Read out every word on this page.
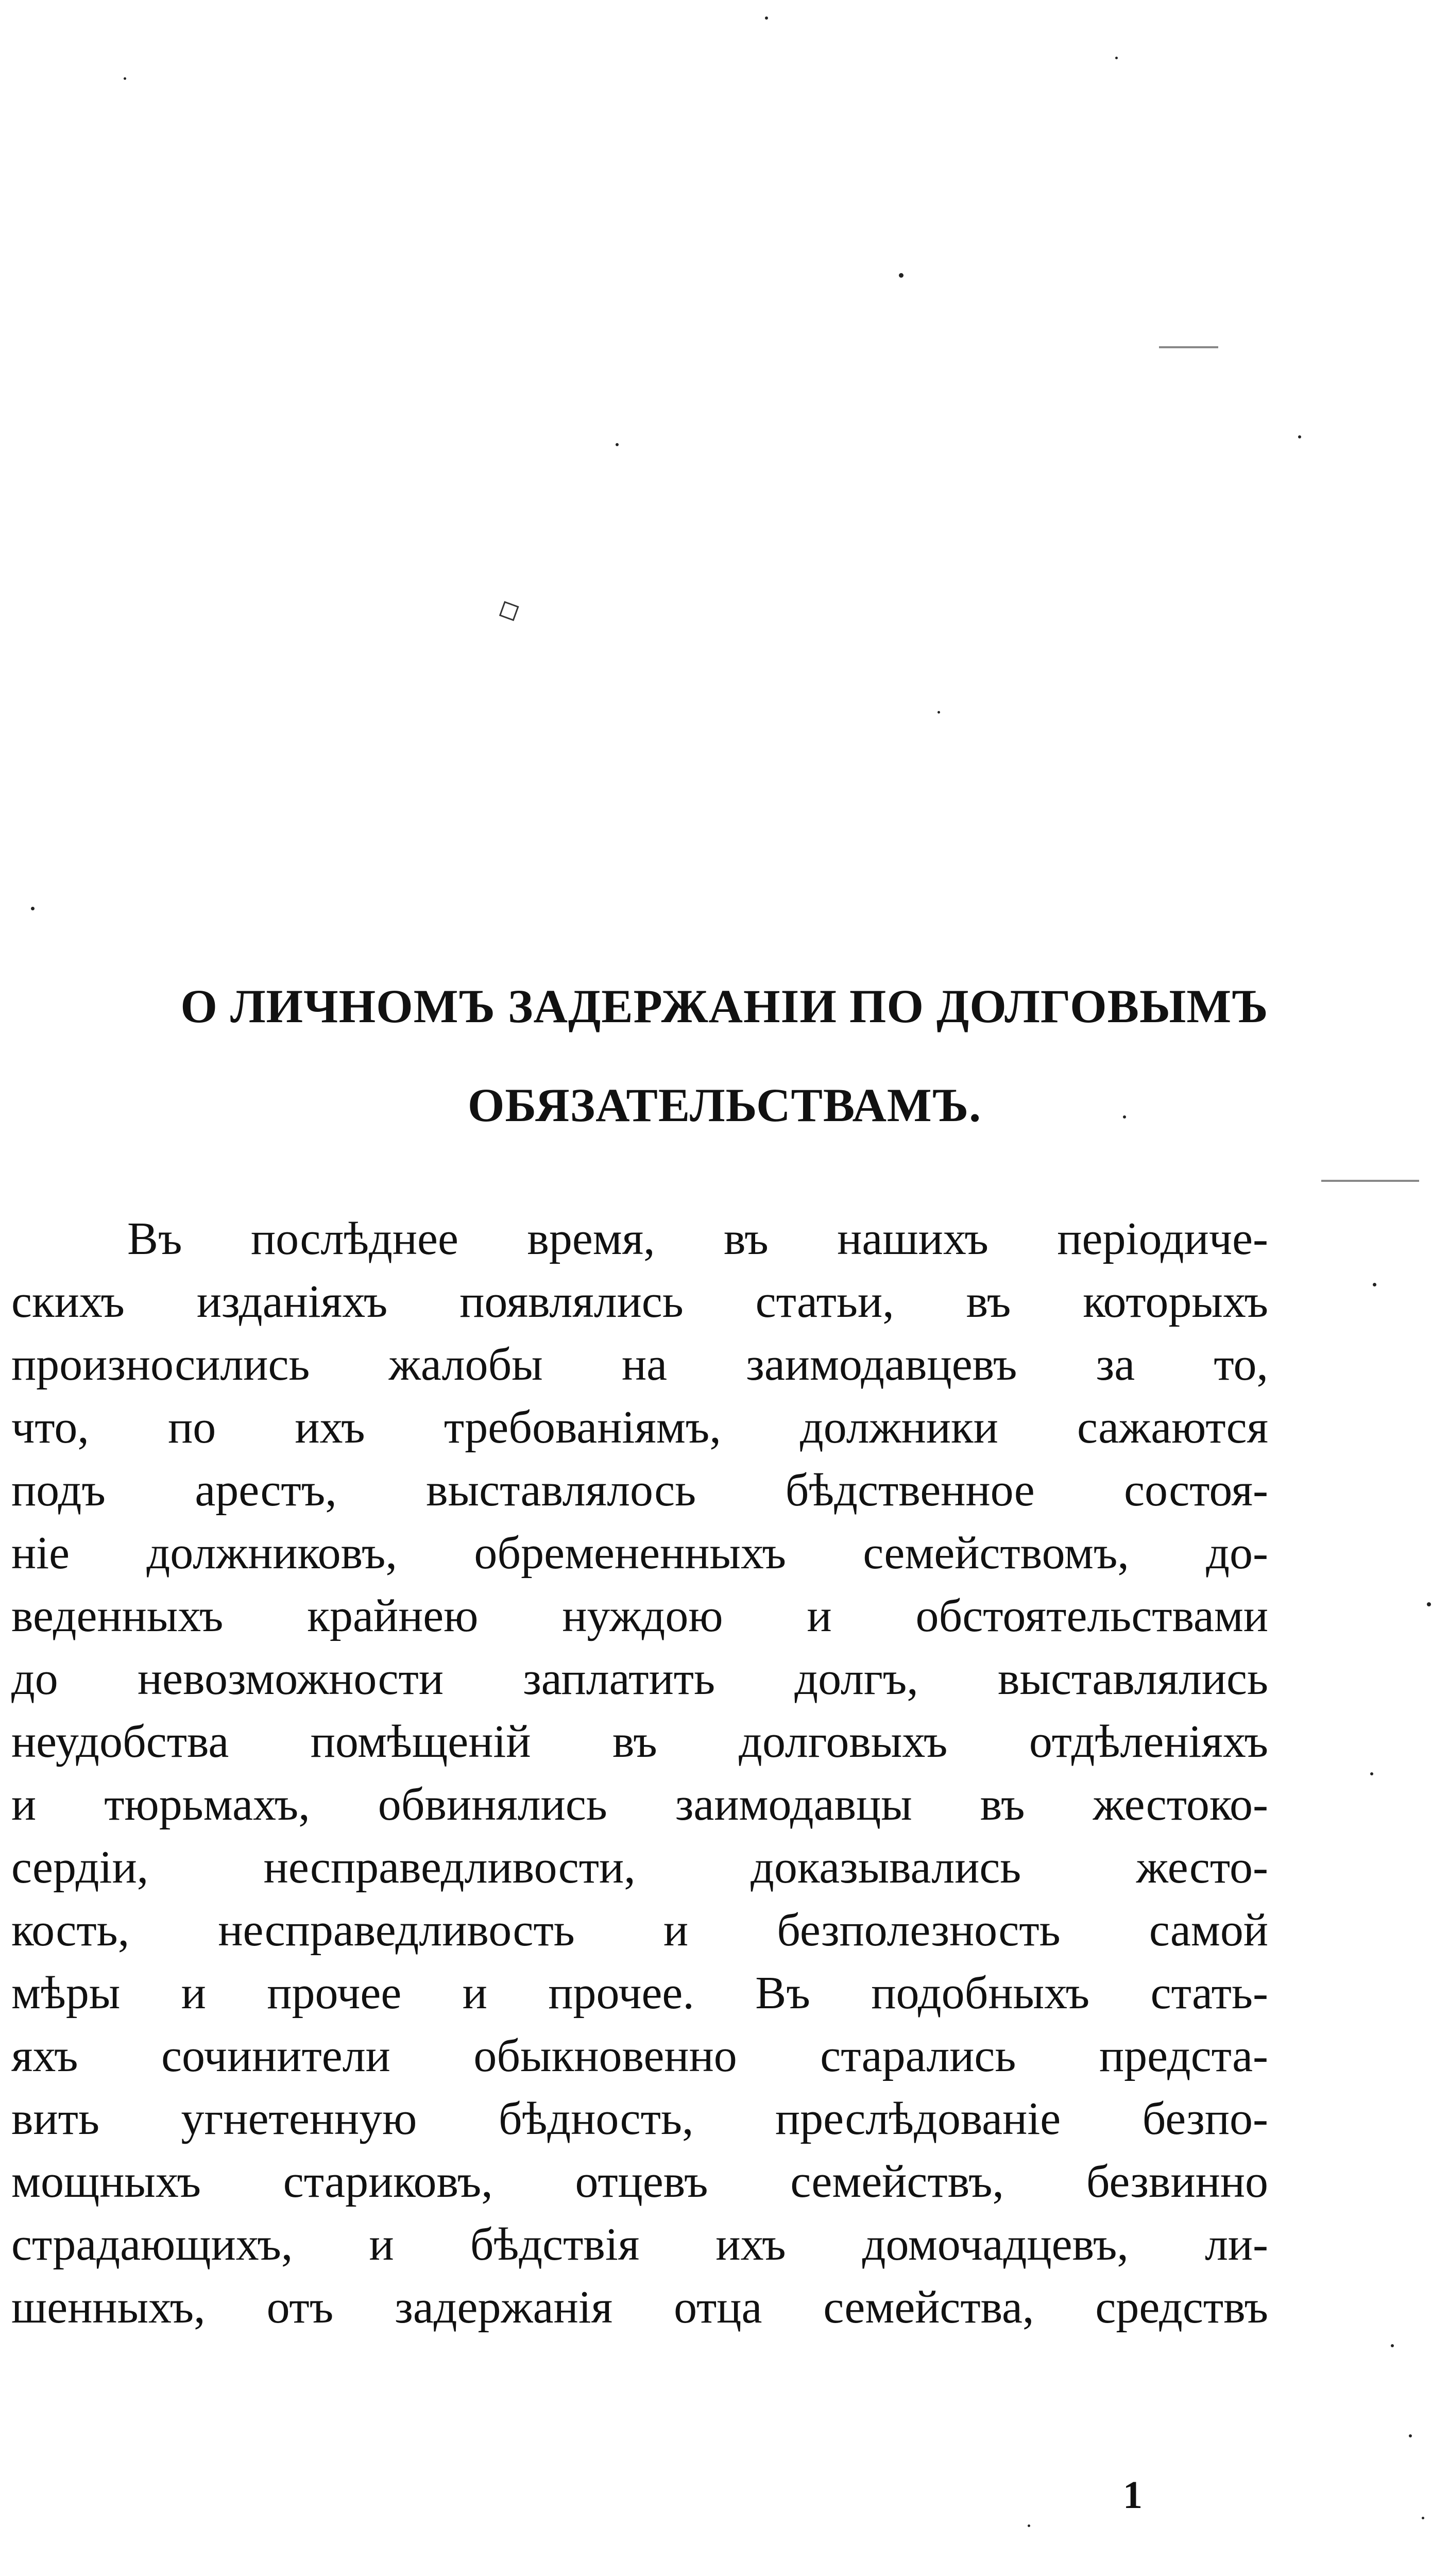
◇
О ЛИЧНОМЪ ЗАДЕРЖАНІИ ПО ДОЛГОВЫМЪ
ОБЯЗАТЕЛЬСТВАМЪ.
Въ послѣднее время, въ нашихъ періодиче-
скихъ изданіяхъ появлялись статьи, въ которыхъ
произносились жалобы на заимодавцевъ за то,
что, по ихъ требованіямъ, должники сажаются
подъ арестъ, выставлялось бѣдственное состоя-
ніе должниковъ, обремененныхъ семействомъ, до-
веденныхъ крайнею нуждою и обстоятельствами
до невозможности заплатить долгъ, выставлялись
неудобства помѣщеній въ долговыхъ отдѣленіяхъ
и тюрьмахъ, обвинялись заимодавцы въ жестоко-
сердіи, несправедливости, доказывались жесто-
кость, несправедливость и безполезность самой
мѣры и прочее и прочее. Въ подобныхъ стать-
яхъ сочинители обыкновенно старались предста-
вить угнетенную бѣдность, преслѣдованіе безпо-
мощныхъ стариковъ, отцевъ семействъ, безвинно
страдающихъ, и бѣдствія ихъ домочадцевъ, ли-
шенныхъ, отъ задержанія отца семейства, средствъ
1
